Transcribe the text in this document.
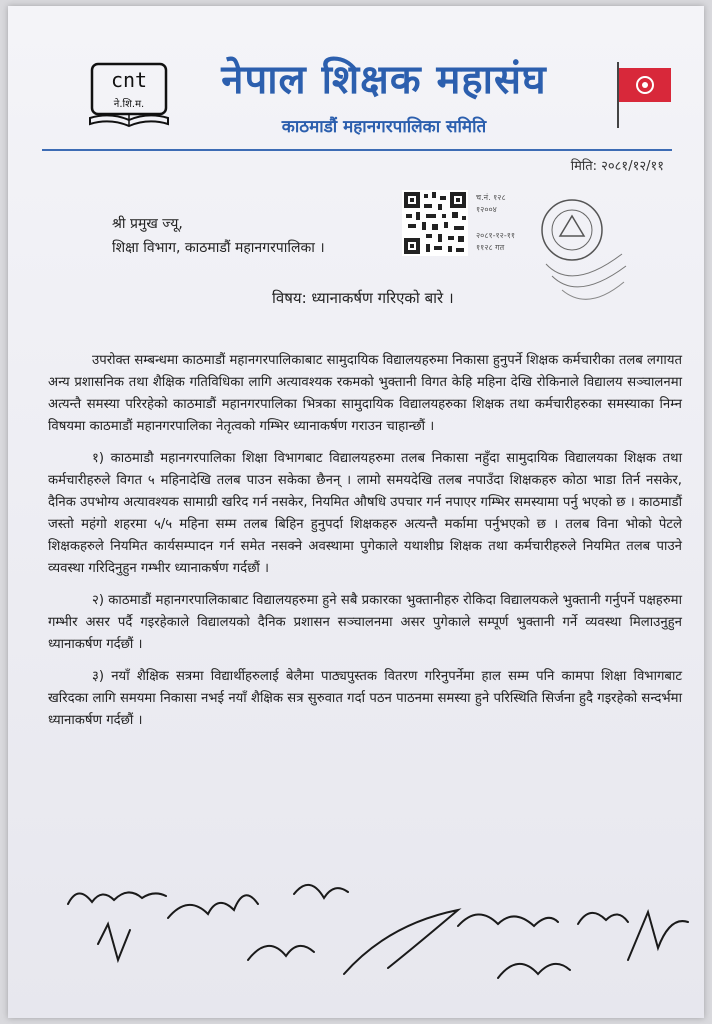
cnt
ने.शि.म.
नेपाल शिक्षक महासंघ
काठमाडौं महानगरपालिका समिति
मिति: २०८१/१२/११
च.नं. १२८
१२००४
२०८१-१२-११
११२८ गत
श्री प्रमुख ज्यू,
शिक्षा विभाग, काठमाडौं महानगरपालिका ।
विषय: ध्यानाकर्षण गरिएको बारे ।

उपरोक्त सम्बन्धमा काठमाडौं महानगरपालिकाबाट सामुदायिक विद्यालयहरुमा निकासा हुनुपर्ने शिक्षक कर्मचारीका तलब लगायत अन्य प्रशासनिक तथा शैक्षिक गतिविधिका लागि अत्यावश्यक रकमको भुक्तानी विगत केहि महिना देखि रोकिनाले विद्यालय सञ्चालनमा अत्यन्तै समस्या परिरहेको काठमाडौं महानगरपालिका भित्रका सामुदायिक विद्यालयहरुका शिक्षक तथा कर्मचारीहरुका समस्याका निम्न विषयमा काठमाडौं महानगरपालिका नेतृत्वको गम्भिर ध्यानाकर्षण गराउन चाहान्छौं ।

१) काठमाडौ महानगरपालिका शिक्षा विभागबाट विद्यालयहरुमा तलब निकासा नहुँदा सामुदायिक विद्यालयका शिक्षक तथा कर्मचारीहरुले विगत ५ महिनादेखि तलब पाउन सकेका छैनन् । लामो समयदेखि तलब नपाउँदा शिक्षकहरु कोठा भाडा तिर्न नसकेर, दैनिक उपभोग्य अत्यावश्यक सामाग्री खरिद गर्न नसकेर, नियमित औषधि उपचार गर्न नपाएर गम्भिर समस्यामा पर्नु भएको छ । काठमाडौं जस्तो महंगो शहरमा ५/५ महिना सम्म तलब बिहिन हुनुपर्दा शिक्षकहरु अत्यन्तै मर्कामा पर्नुभएको छ । तलब विना भोको पेटले शिक्षकहरुले नियमित कार्यसम्पादन गर्न समेत नसक्ने अवस्थामा पुगेकाले यथाशीघ्र शिक्षक तथा कर्मचारीहरुले नियमित तलब पाउने व्यवस्था गरिदिनुहुन गम्भीर ध्यानाकर्षण गर्दछौं ।

२) काठमाडौं महानगरपालिकाबाट विद्यालयहरुमा हुने सबै प्रकारका भुक्तानीहरु रोकिदा विद्यालयकले भुक्तानी गर्नुपर्ने पक्षहरुमा गम्भीर असर पर्दै गइरहेकाले विद्यालयको दैनिक प्रशासन सञ्चालनमा असर पुगेकाले सम्पूर्ण भुक्तानी गर्ने व्यवस्था मिलाउनुहुन ध्यानाकर्षण गर्दछौं ।

३) नयाँ शैक्षिक सत्रमा विद्यार्थीहरुलाई बेलैमा पाठ्यपुस्तक वितरण गरिनुपर्नेमा हाल सम्म पनि कामपा शिक्षा विभागबाट खरिदका लागि समयमा निकासा नभई नयाँ शैक्षिक सत्र सुरुवात गर्दा पठन पाठनमा समस्या हुने परिस्थिति सिर्जना हुदै गइरहेको सन्दर्भमा ध्यानाकर्षण गर्दछौं ।
